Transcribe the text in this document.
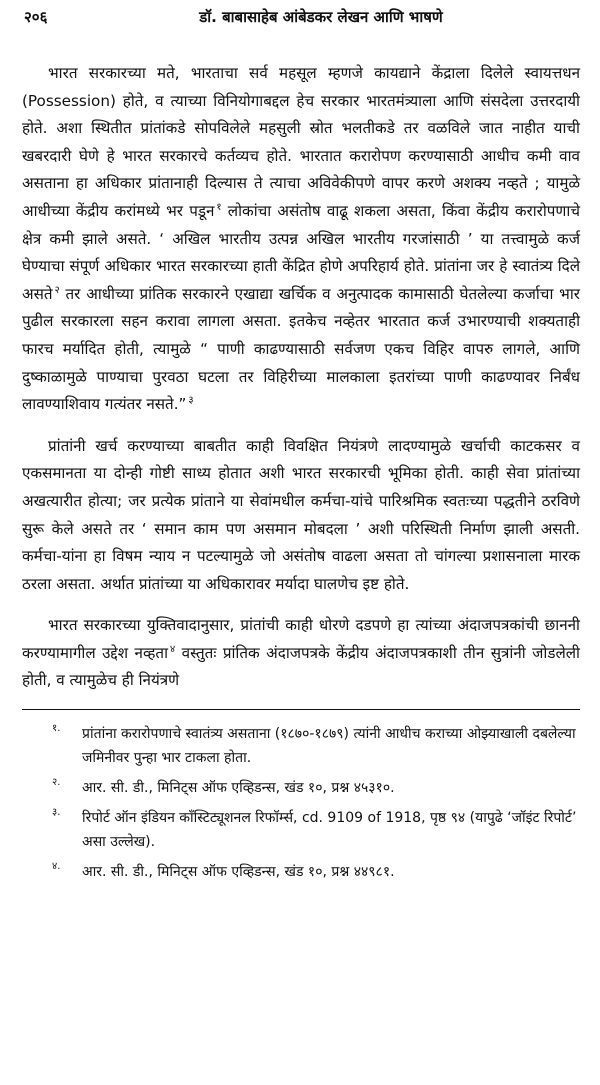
२०६	डॉ. बाबासाहेब आंबेडकर लेखन आणि भाषणे

भारत सरकारच्या मते, भारताचा सर्व महसूल म्हणजे कायद्याने केंद्राला दिलेले स्वायत्तधन (Possession) होते, व त्याच्या विनियोगाबद्दल हेच सरकार भारतमंत्र्याला आणि संसदेला उत्तरदायी होते. अशा स्थितीत प्रांतांकडे सोपविलेले महसुली स्रोत भलतीकडे तर वळविले जात नाहीत याची खबरदारी घेणे हे भारत सरकारचे कर्तव्यच होते. भारतात करारोपण करण्यासाठी आधीच कमी वाव असताना हा अधिकार प्रांतानाही दिल्यास ते त्याचा अविवेकीपणे वापर करणे अशक्य नव्हते ; यामुळे आधीच्या केंद्रीय करांमध्ये भर पडून $^१$ लोकांचा असंतोष वाढू शकला असता, किंवा केंद्रीय करारोपणाचे क्षेत्र कमी झाले असते. ‘ अखिल भारतीय उत्पन्न अखिल भारतीय गरजांसाठी ’ या तत्त्वामुळे कर्ज घेण्याचा संपूर्ण अधिकार भारत सरकारच्या हाती केंद्रित होणे अपरिहार्य होते. प्रांतांना जर हे स्वातंत्र्य दिले असते $^२$ तर आधीच्या प्रांतिक सरकारने एखाद्या खर्चिक व अनुत्पादक कामासाठी घेतलेल्या कर्जाचा भार पुढील सरकारला सहन करावा लागला असता. इतकेच नव्हेतर भारतात कर्ज उभारण्याची शक्यताही फारच मर्यादित होती, त्यामुळे “ पाणी काढण्यासाठी सर्वजण एकच विहिर वापरु लागले, आणि दुष्काळामुळे पाण्याचा पुरवठा घटला तर विहिरीच्या मालकाला इतरांच्या पाणी काढण्यावर निर्बंध लावण्याशिवाय गत्यंतर नसते.” $^३$

प्रांतांनी खर्च करण्याच्या बाबतीत काही विवक्षित नियंत्रणे लादण्यामुळे खर्चाची काटकसर व एकसमानता या दोन्ही गोष्टी साध्य होतात अशी भारत सरकारची भूमिका होती. काही सेवा प्रांतांच्या अखत्यारीत होत्या; जर प्रत्येक प्रांताने या सेवांमधील कर्मचा-यांचे पारिश्रमिक स्वतःच्या पद्धतीने ठरविणे सुरू केले असते तर ‘ समान काम पण असमान मोबदला ’ अशी परिस्थिती निर्माण झाली असती. कर्मचा-यांना हा विषम न्याय न पटल्यामुळे जो असंतोष वाढला असता तो चांगल्या प्रशासनाला मारक ठरला असता. अर्थात प्रांतांच्या या अधिकारावर मर्यादा घालणेच इष्ट होते.

भारत सरकारच्या युक्तिवादानुसार, प्रांतांची काही धोरणे दडपणे हा त्यांच्या अंदाजपत्रकांची छाननी करण्यामागील उद्देश नव्हता $^४$ वस्तुतः प्रांतिक अंदाजपत्रके केंद्रीय अंदाजपत्रकाशी तीन सुत्रांनी जोडलेली होती, व त्यामुळेच ही नियंत्रणे

१. प्रांतांना करारोपणाचे स्वातंत्र्य असताना (१८७०-१८७९) त्यांनी आधीच कराच्या ओझ्याखाली दबलेल्या जमिनीवर पुन्हा भार टाकला होता.
२. आर. सी. डी., मिनिट्स ऑफ एव्हिडन्स, खंड १०, प्रश्न ४५३१०.
३. रिपोर्ट ऑन इंडियन कॉंस्टिट्यूशनल रिफॉर्म्स, cd. 9109 of 1918, पृष्ठ ९४ (यापुढे ‘जॉइंट रिपोर्ट’ असा उल्लेख).
४. आर. सी. डी., मिनिट्स ऑफ एव्हिडन्स, खंड १०, प्रश्न ४४९८१.
